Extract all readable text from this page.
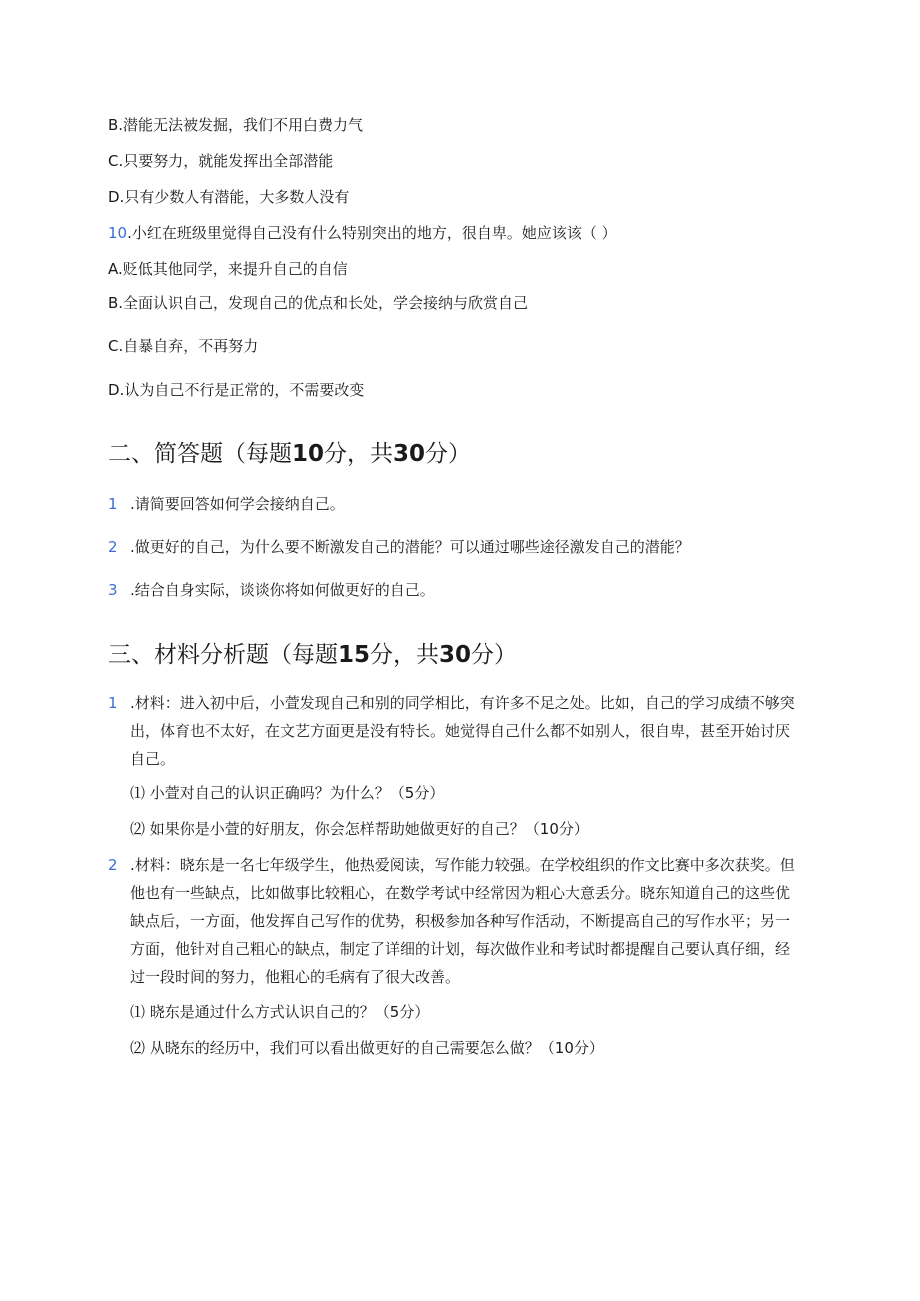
B.潜能无法被发掘，我们不用白费力气
C.只要努力，就能发挥出全部潜能
D.只有少数人有潜能，大多数人没有
10.小红在班级里觉得自己没有什么特别突出的地方，很自卑。她应该该（ ）
A.贬低其他同学，来提升自己的自信
B.全面认识自己，发现自己的优点和长处，学会接纳与欣赏自己
C.自暴自弃，不再努力
D.认为自己不行是正常的，不需要改变
二、简答题（每题10分，共30分）
1 .请简要回答如何学会接纳自己。
2 .做更好的自己，为什么要不断激发自己的潜能？可以通过哪些途径激发自己的潜能？
3 .结合自身实际，谈谈你将如何做更好的自己。
三、材料分析题（每题15分，共30分）
1 .材料：进入初中后，小萱发现自己和别的同学相比，有许多不足之处。比如，自己的学习成绩不够突出，体育也不太好，在文艺方面更是没有特长。她觉得自己什么都不如别人，很自卑，甚至开始讨厌自己。
⑴ 小萱对自己的认识正确吗？为什么？（5分）
⑵ 如果你是小萱的好朋友，你会怎样帮助她做更好的自己？（10分）
2 .材料：晓东是一名七年级学生，他热爱阅读，写作能力较强。在学校组织的作文比赛中多次获奖。但他也有一些缺点，比如做事比较粗心，在数学考试中经常因为粗心大意丢分。晓东知道自己的这些优缺点后，一方面，他发挥自己写作的优势，积极参加各种写作活动，不断提高自己的写作水平；另一方面，他针对自己粗心的缺点，制定了详细的计划，每次做作业和考试时都提醒自己要认真仔细，经过一段时间的努力，他粗心的毛病有了很大改善。
⑴ 晓东是通过什么方式认识自己的？（5分）
⑵ 从晓东的经历中，我们可以看出做更好的自己需要怎么做？（10分）
